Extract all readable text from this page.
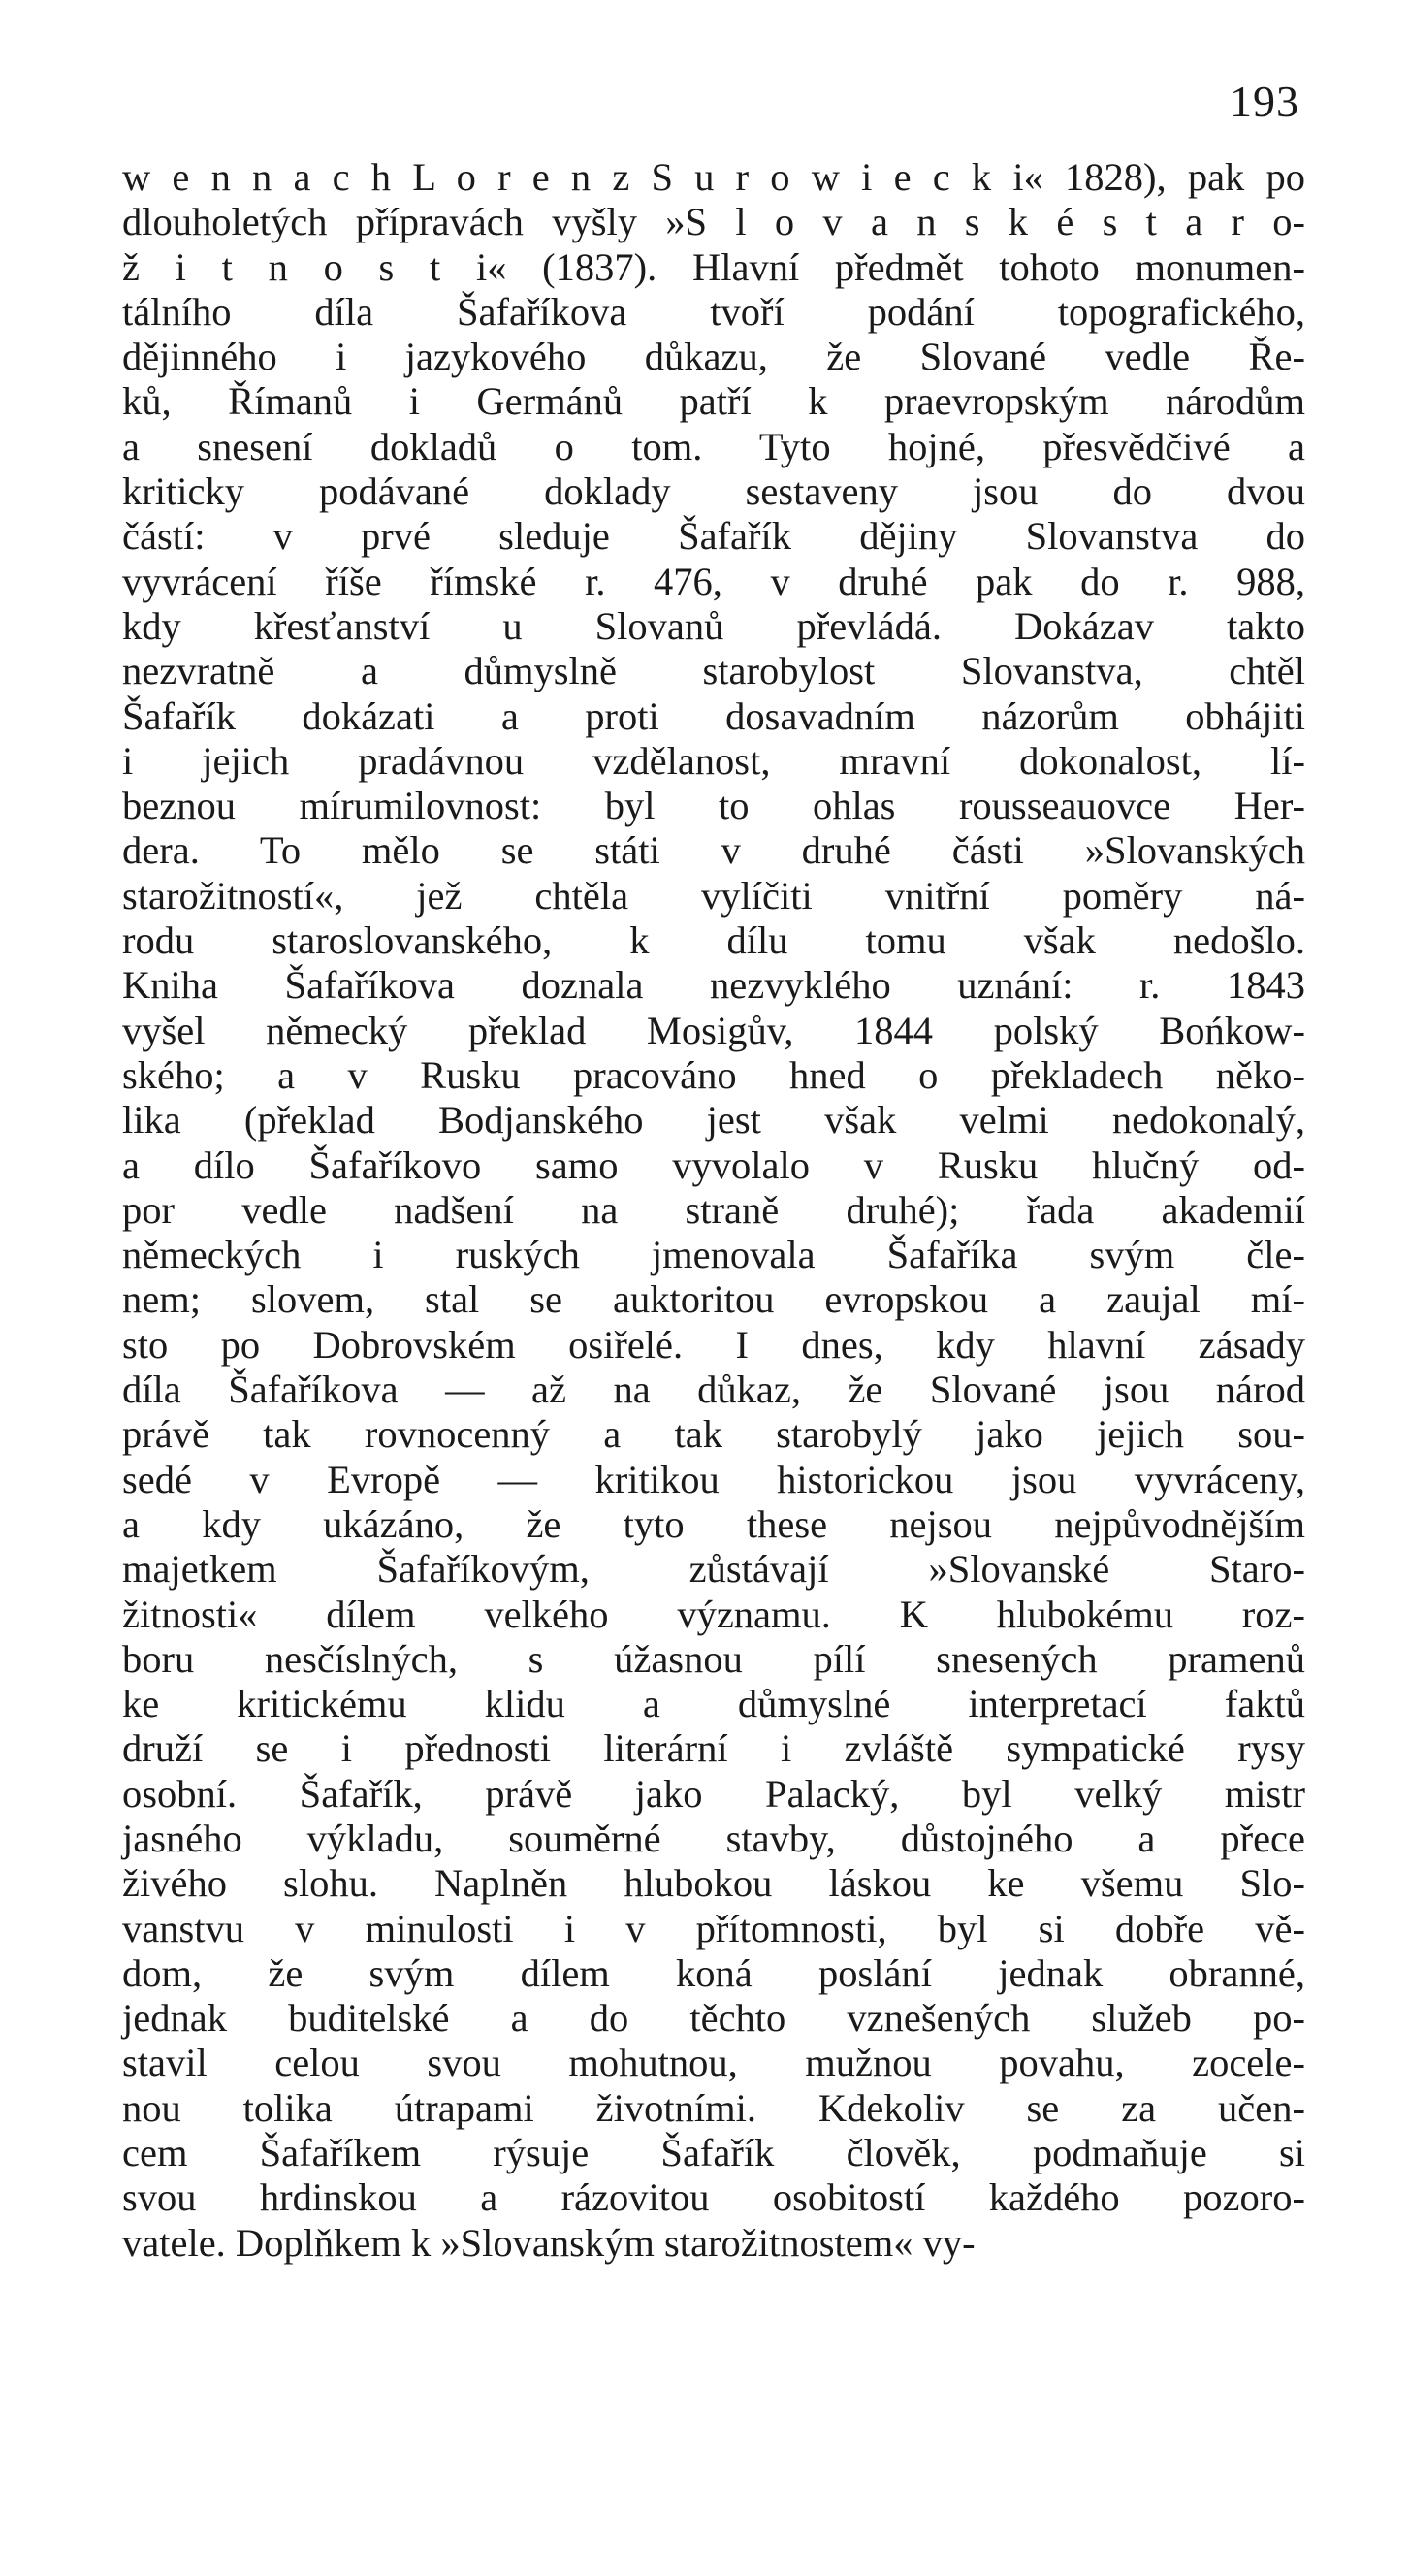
193
w e n n a c h L o r e n z S u r o w i e c k i« 1828), pak po
dlouholetých přípravách vyšly »S l o v a n s k é s t a r o-
ž i t n o s t i« (1837). Hlavní předmět tohoto monumen-
tálního díla Šafaříkova tvoří podání topografického,
dějinného i jazykového důkazu, že Slované vedle Ře-
ků, Římanů i Germánů patří k praevropským národům
a snesení dokladů o tom. Tyto hojné, přesvědčivé a
kriticky podávané doklady sestaveny jsou do dvou
částí: v prvé sleduje Šafařík dějiny Slovanstva do
vyvrácení říše římské r. 476, v druhé pak do r. 988,
kdy křesťanství u Slovanů převládá. Dokázav takto
nezvratně a důmyslně starobylost Slovanstva, chtěl
Šafařík dokázati a proti dosavadním názorům obhájiti
i jejich pradávnou vzdělanost, mravní dokonalost, lí-
beznou mírumilovnost: byl to ohlas rousseauovce Her-
dera. To mělo se státi v druhé části »Slovanských
starožitností«, jež chtěla vylíčiti vnitřní poměry ná-
rodu staroslovanského, k dílu tomu však nedošlo.
Kniha Šafaříkova doznala nezvyklého uznání: r. 1843
vyšel německý překlad Mosigův, 1844 polský Bońkow-
ského; a v Rusku pracováno hned o překladech něko-
lika (překlad Bodjanského jest však velmi nedokonalý,
a dílo Šafaříkovo samo vyvolalo v Rusku hlučný od-
por vedle nadšení na straně druhé); řada akademií
německých i ruských jmenovala Šafaříka svým čle-
nem; slovem, stal se auktoritou evropskou a zaujal mí-
sto po Dobrovském osiřelé. I dnes, kdy hlavní zásady
díla Šafaříkova — až na důkaz, že Slované jsou národ
právě tak rovnocenný a tak starobylý jako jejich sou-
sedé v Evropě — kritikou historickou jsou vyvráceny,
a kdy ukázáno, že tyto these nejsou nejpůvodnějším
majetkem Šafaříkovým, zůstávají »Slovanské Staro-
žitnosti« dílem velkého významu. K hlubokému roz-
boru nesčíslných, s úžasnou pílí snesených pramenů
ke kritickému klidu a důmyslné interpretací faktů
druží se i přednosti literární i zvláště sympatické rysy
osobní. Šafařík, právě jako Palacký, byl velký mistr
jasného výkladu, souměrné stavby, důstojného a přece
živého slohu. Naplněn hlubokou láskou ke všemu Slo-
vanstvu v minulosti i v přítomnosti, byl si dobře vě-
dom, že svým dílem koná poslání jednak obranné,
jednak buditelské a do těchto vznešených služeb po-
stavil celou svou mohutnou, mužnou povahu, zocele-
nou tolika útrapami životními. Kdekoliv se za učen-
cem Šafaříkem rýsuje Šafařík člověk, podmaňuje si
svou hrdinskou a rázovitou osobitostí každého pozoro-
vatele. Doplňkem k »Slovanským starožitnostem« vy-
